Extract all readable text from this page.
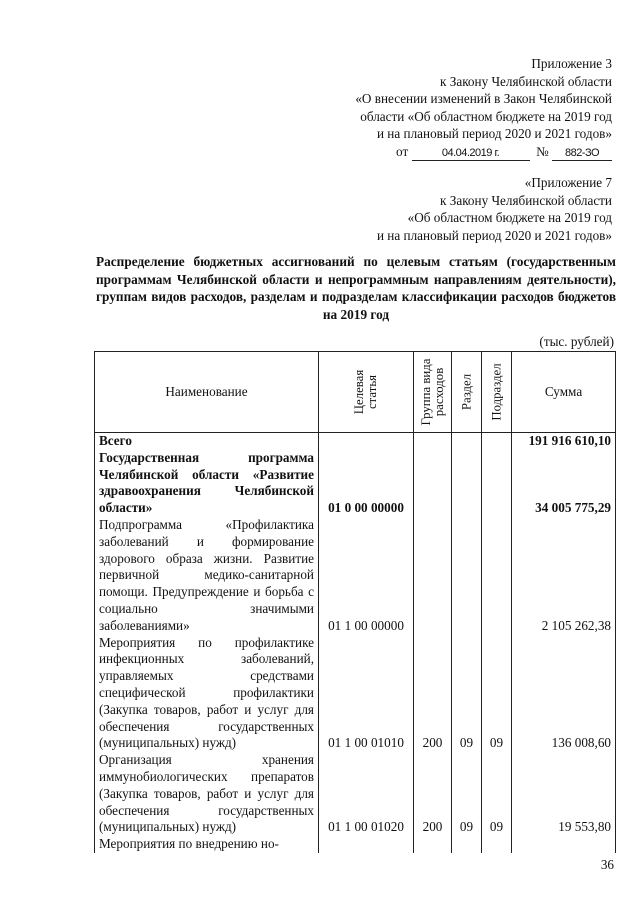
Приложение 3
к Закону Челябинской области
«О внесении изменений в Закон Челябинской
области «Об областном бюджете на 2019 год
и на плановый период 2020 и 2021 годов»
от	04.04.2019 г.	№ 882-ЗО
«Приложение 7
к Закону Челябинской области
«Об областном бюджете на 2019 год
и на плановый период 2020 и 2021 годов»
Распределение бюджетных ассигнований по целевым статьям (государственным программам Челябинской области и непрограммным направлениям деятельности), группам видов расходов, разделам и подразделам классификации расходов бюджетов на 2019 год
(тыс. рублей)
Наименование	Целевая статья	Группа вида расходов	Раздел	Подраздел	Сумма
Всего					191 916 610,10
Государственная программа Челябинской области «Развитие здравоохранения Челябинской области»	01 0 00 00000				34 005 775,29
Подпрограмма «Профилактика заболеваний и формирование здорового образа жизни. Развитие первичной медико-санитарной помощи. Предупреждение и борьба с социально значимыми заболеваниями»	01 1 00 00000				2 105 262,38
Мероприятия по профилактике инфекционных заболеваний, управляемых средствами специфической профилактики (Закупка товаров, работ и услуг для обеспечения государственных (муниципальных) нужд)	01 1 00 01010	200	09	09	136 008,60
Организация хранения иммунобиологических препаратов (Закупка товаров, работ и услуг для обеспечения государственных (муниципальных) нужд)	01 1 00 01020	200	09	09	19 553,80
Мероприятия по внедрению но-					
36
